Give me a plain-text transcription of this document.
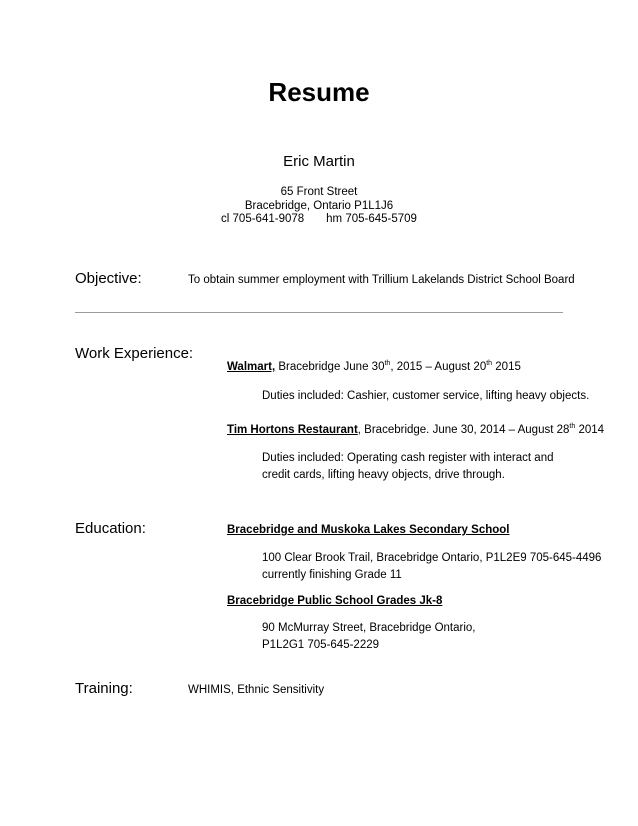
Resume
Eric Martin
65 Front Street
Bracebridge, Ontario P1L1J6
cl 705-641-9078 hm 705-645-5709
Objective:	To obtain summer employment with Trillium Lakelands District School Board
Work Experience:
Walmart, Bracebridge June 30th, 2015 – August 20th 2015
Duties included: Cashier, customer service, lifting heavy objects.
Tim Hortons Restaurant, Bracebridge. June 30, 2014 – August 28th 2014
Duties included: Operating cash register with interact and credit cards, lifting heavy objects, drive through.
Education:	Bracebridge and Muskoka Lakes Secondary School
100 Clear Brook Trail, Bracebridge Ontario, P1L2E9 705-645-4496
currently finishing Grade 11
Bracebridge Public School Grades Jk-8
90 McMurray Street, Bracebridge Ontario,
P1L2G1 705-645-2229
Training:	WHIMIS, Ethnic Sensitivity
